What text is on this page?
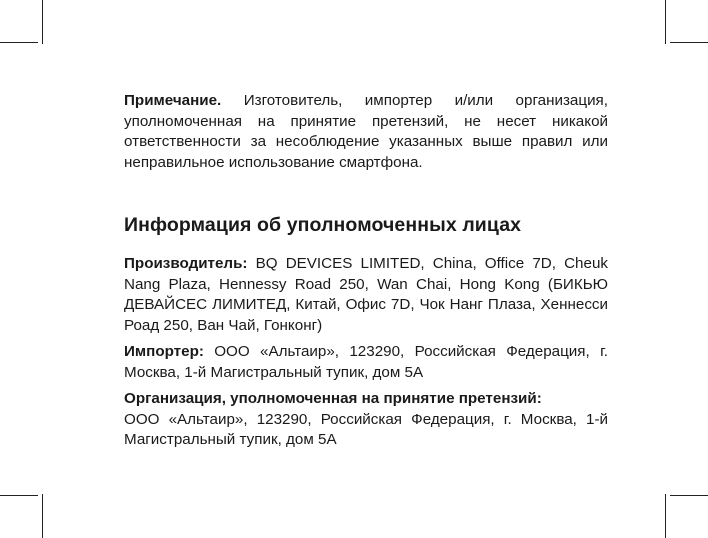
Примечание. Изготовитель, импортер и/или организация, уполномоченная на принятие претензий, не несет никакой ответственности за несоблюдение указанных выше правил или неправильное использование смартфона.

Информация об уполномоченных лицах

Производитель: BQ DEVICES LIMITED, China, Office 7D, Cheuk Nang Plaza, Hennessy Road 250, Wan Chai, Hong Kong (БИКЬЮ ДЕВАЙСЕС ЛИМИТЕД, Китай, Офис 7D, Чок Нанг Плаза, Хеннесси Роад 250, Ван Чай, Гонконг)

Импортер: ООО «Альтаир», 123290, Российская Федерация, г. Москва, 1-й Магистральный тупик, дом 5А

Организация, уполномоченная на принятие претензий:
ООО «Альтаир», 123290, Российская Федерация, г. Москва, 1-й Магистральный тупик, дом 5А
